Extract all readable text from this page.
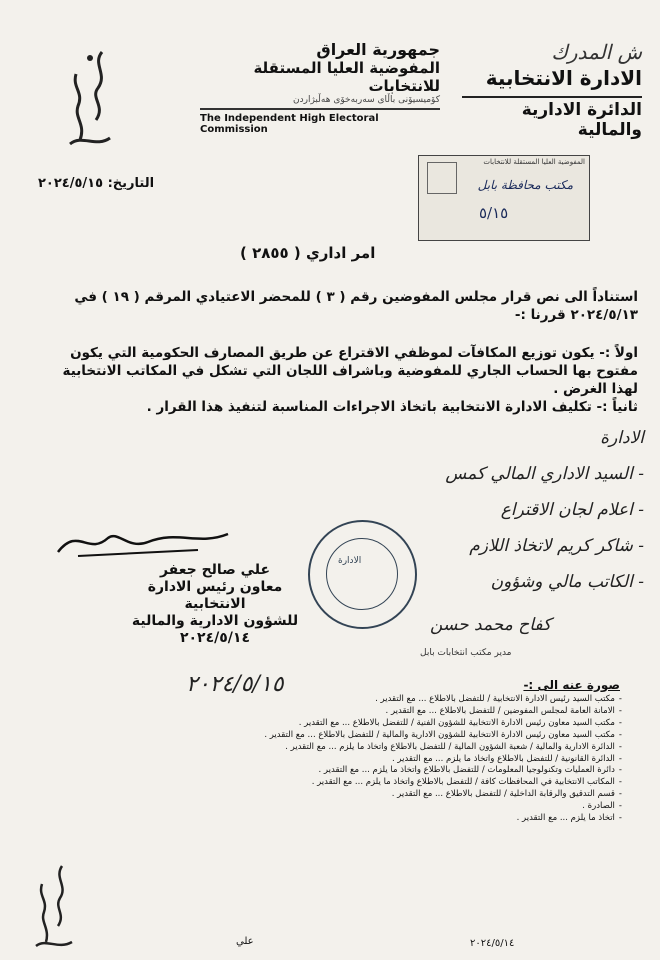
ش المدرك
الادارة الانتخابية
الدائرة الادارية والمالية
جمهورية العراق
المفوضية العليا المستقلة للانتخابات
كۆميسيۆنى باڵاى سەربەخۆى هەڵبژاردن
The Independent High Electoral Commission
المفوضية العليا المستقلة للانتخابات
مكتب محافظة بابل
٥/١٥
التاريخ: ٢٠٢٤/٥/١٥
امر اداري ( ٢٨٥٥ )
استناداً الى نص قرار مجلس المفوضين رقم ( ٣ ) للمحضر الاعتيادي المرقم ( ١٩ ) في ٢٠٢٤/٥/١٣ قررنا :-
اولاً :- يكون توزيع المكافآت لموظفي الاقتراع عن طريق المصارف الحكومية التي يكون مفتوح بها الحساب الجاري للمفوضية وباشراف اللجان التي تشكل في المكاتب الانتخابية لهذا الغرض .
ثانياً :- تكليف الادارة الانتخابية باتخاذ الاجراءات المناسبة لتنفيذ هذا القرار .
الادارة
- السيد الاداري المالي كمس
- اعلام لجان الاقتراع
- شاكر كريم لاتخاذ اللازم
- الكاتب مالي وشؤون
علي صالح جعفر
معاون رئيس الادارة الانتخابية
للشؤون الادارية والمالية
٢٠٢٤/٥/١٤
الادارة
كفاح محمد حسن
مدير مكتب انتخابات بابل
٢٠٢٤/٥/١٥	صورة عنه الى :-
- مكتب السيد رئيس الادارة الانتخابية / للتفضل بالاطلاع ... مع التقدير .
- الامانة العامة لمجلس المفوضين / للتفضل بالاطلاع ... مع التقدير .
- مكتب السيد معاون رئيس الادارة الانتخابية للشؤون الفنية / للتفضل بالاطلاع ... مع التقدير .
- مكتب السيد معاون رئيس الادارة الانتخابية للشؤون الادارية والمالية / للتفضل بالاطلاع ... مع التقدير .
- الدائرة الادارية والمالية / شعبة الشؤون المالية / للتفضل بالاطلاع واتخاذ ما يلزم ... مع التقدير .
- الدائرة القانونية / للتفضل بالاطلاع واتخاذ ما يلزم ... مع التقدير .
- دائرة العمليات وتكنولوجيا المعلومات / للتفضل بالاطلاع واتخاذ ما يلزم ... مع التقدير .
- المكاتب الانتخابية في المحافظات كافة / للتفضل بالاطلاع واتخاذ ما يلزم ... مع التقدير .
- قسم التدقيق والرقابة الداخلية / للتفضل بالاطلاع ... مع التقدير .
- الصادرة .
- اتخاذ ما يلزم ... مع التقدير .
علي	٢٠٢٤/٥/١٤
